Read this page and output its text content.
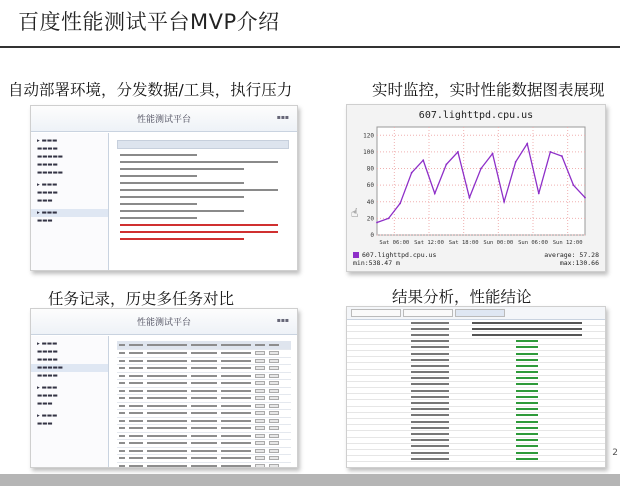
百度性能测试平台MVP介绍
自动部署环境，分发数据/工具，执行压力	实时监控，实时性能数据图表展现
任务记录，历史多任务对比	结果分析，性能结论
性能测试平台	▪▪▪
▸ ▬▬▬
▬▬▬▬
▬▬▬▬▬
▬▬▬▬
▬▬▬▬▬
▸ ▬▬▬
▬▬▬▬
▬▬▬
▸ ▬▬▬
▬▬▬
607.lighttpd.cpu.us
0
20
40
60
80
100
120
Sat 06:00 Sat 12:00 Sat 18:00 Sun 00:00 Sun 06:00 Sun 12:00
☝
607.lighttpd.cpu.us	average: 57.28
min:538.47 m	max:130.66
性能测试平台	▪▪▪
▸ ▬▬▬
▬▬▬▬
▬▬▬▬
▬▬▬▬▬
▬▬▬▬
▸ ▬▬▬
▬▬▬▬
▬▬▬
▸ ▬▬▬
▬▬▬
2
